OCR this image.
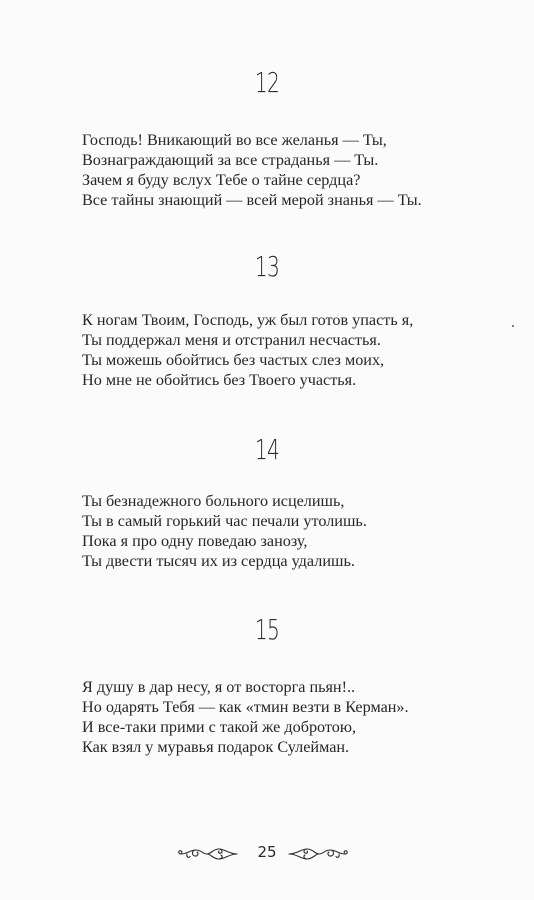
12
Господь! Вникающий во все желанья — Ты,
Вознаграждающий за все страданья — Ты.
Зачем я буду вслух Тебе о тайне сердца?
Все тайны знающий — всей мерой знанья — Ты.
13
К ногам Твоим, Господь, уж был готов упасть я,
Ты поддержал меня и отстранил несчастья.
Ты можешь обойтись без частых слез моих,
Но мне не обойтись без Твоего участья.
14
Ты безнадежного больного исцелишь,
Ты в самый горький час печали утолишь.
Пока я про одну поведаю занозу,
Ты двести тысяч их из сердца удалишь.
15
Я душу в дар несу, я от восторга пьян!..
Но одарять Тебя — как «тмин везти в Керман».
И все-таки прими с такой же добротою,
Как взял у муравья подарок Сулейман.
25
